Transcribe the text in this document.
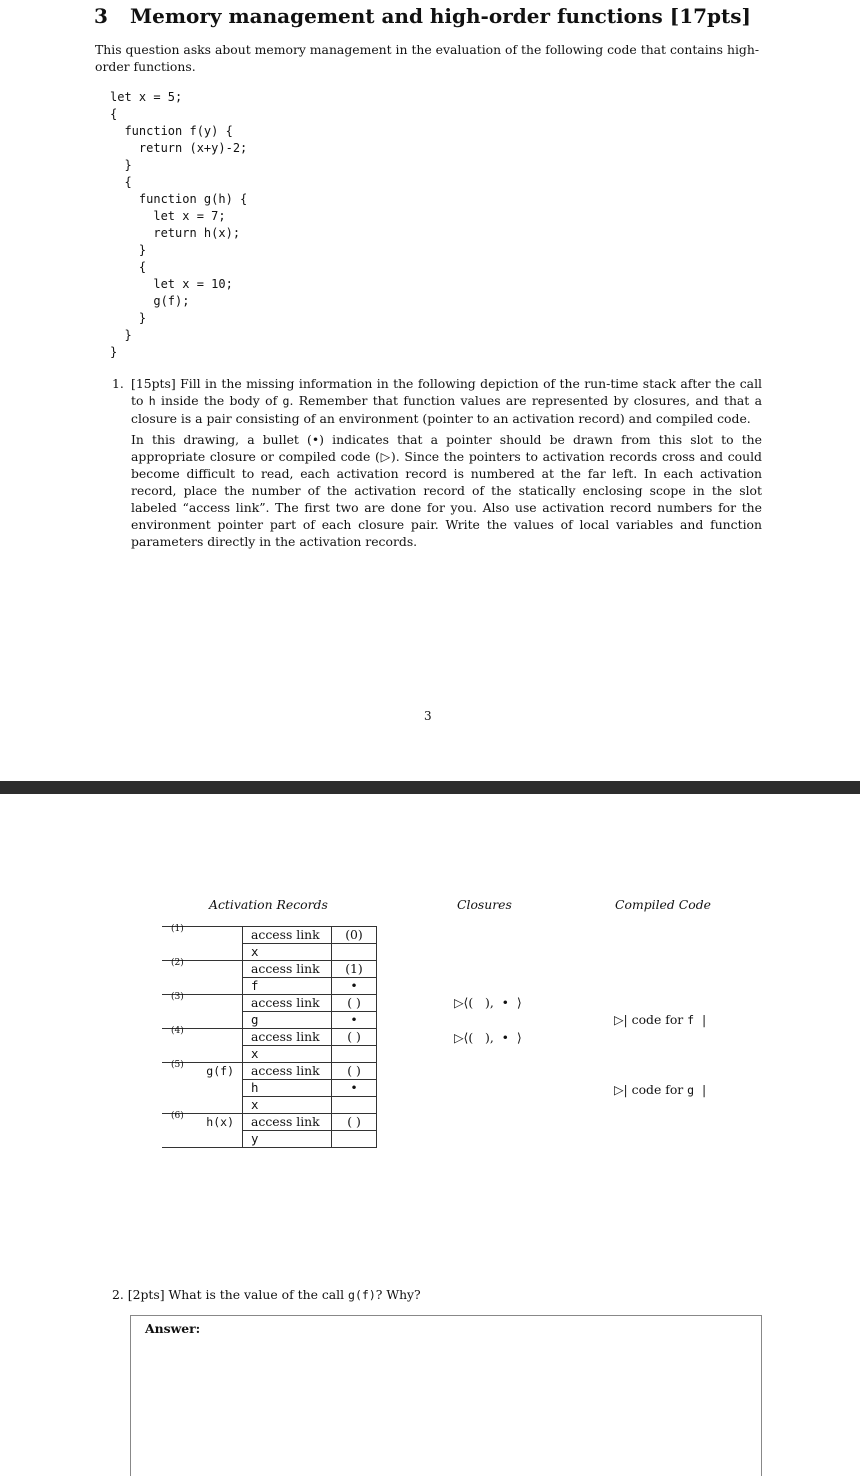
3 Memory management and high-order functions [17pts]
This question asks about memory management in the evaluation of the following code that contains high-order functions.
let x = 5;
{
function f(y) {
return (x+y)-2;
}
{
function g(h) {
let x = 7;
return h(x);
}
{
let x = 10;
g(f);
}
}
}

1. [15pts] Fill in the missing information in the following depiction of the run-time stack after the call to h inside the body of g. Remember that function values are represented by closures, and that a closure is a pair consisting of an environment (pointer to an activation record) and compiled code.

In this drawing, a bullet (•) indicates that a pointer should be drawn from this slot to the appropriate closure or compiled code (▷). Since the pointers to activation records cross and could become difficult to read, each activation record is numbered at the far left. In each activation record, place the number of the activation record of the statically enclosing scope in the slot labeled “access link”. The first two are done for you. Also use activation record numbers for the environment pointer part of each closure pair. Write the values of local variables and function parameters directly in the activation records.

3
Activation Records	Closures	Compiled Code
(1)	access link	(0)
	x	

(2)	access link	(1)
	f	•

(3)	access link	( )
	g	•

(4)	access link	( )
	x	

(5) g(f)	access link	( )
	h	•
	x	

(6) h(x)	access link	( )
	y	
▷⟨(   ),  •  ⟩
▷⟨(   ),  •  ⟩
▷| code for f  |
▷| code for g  |
2. [2pts] What is the value of the call g(f)? Why?
Answer:
